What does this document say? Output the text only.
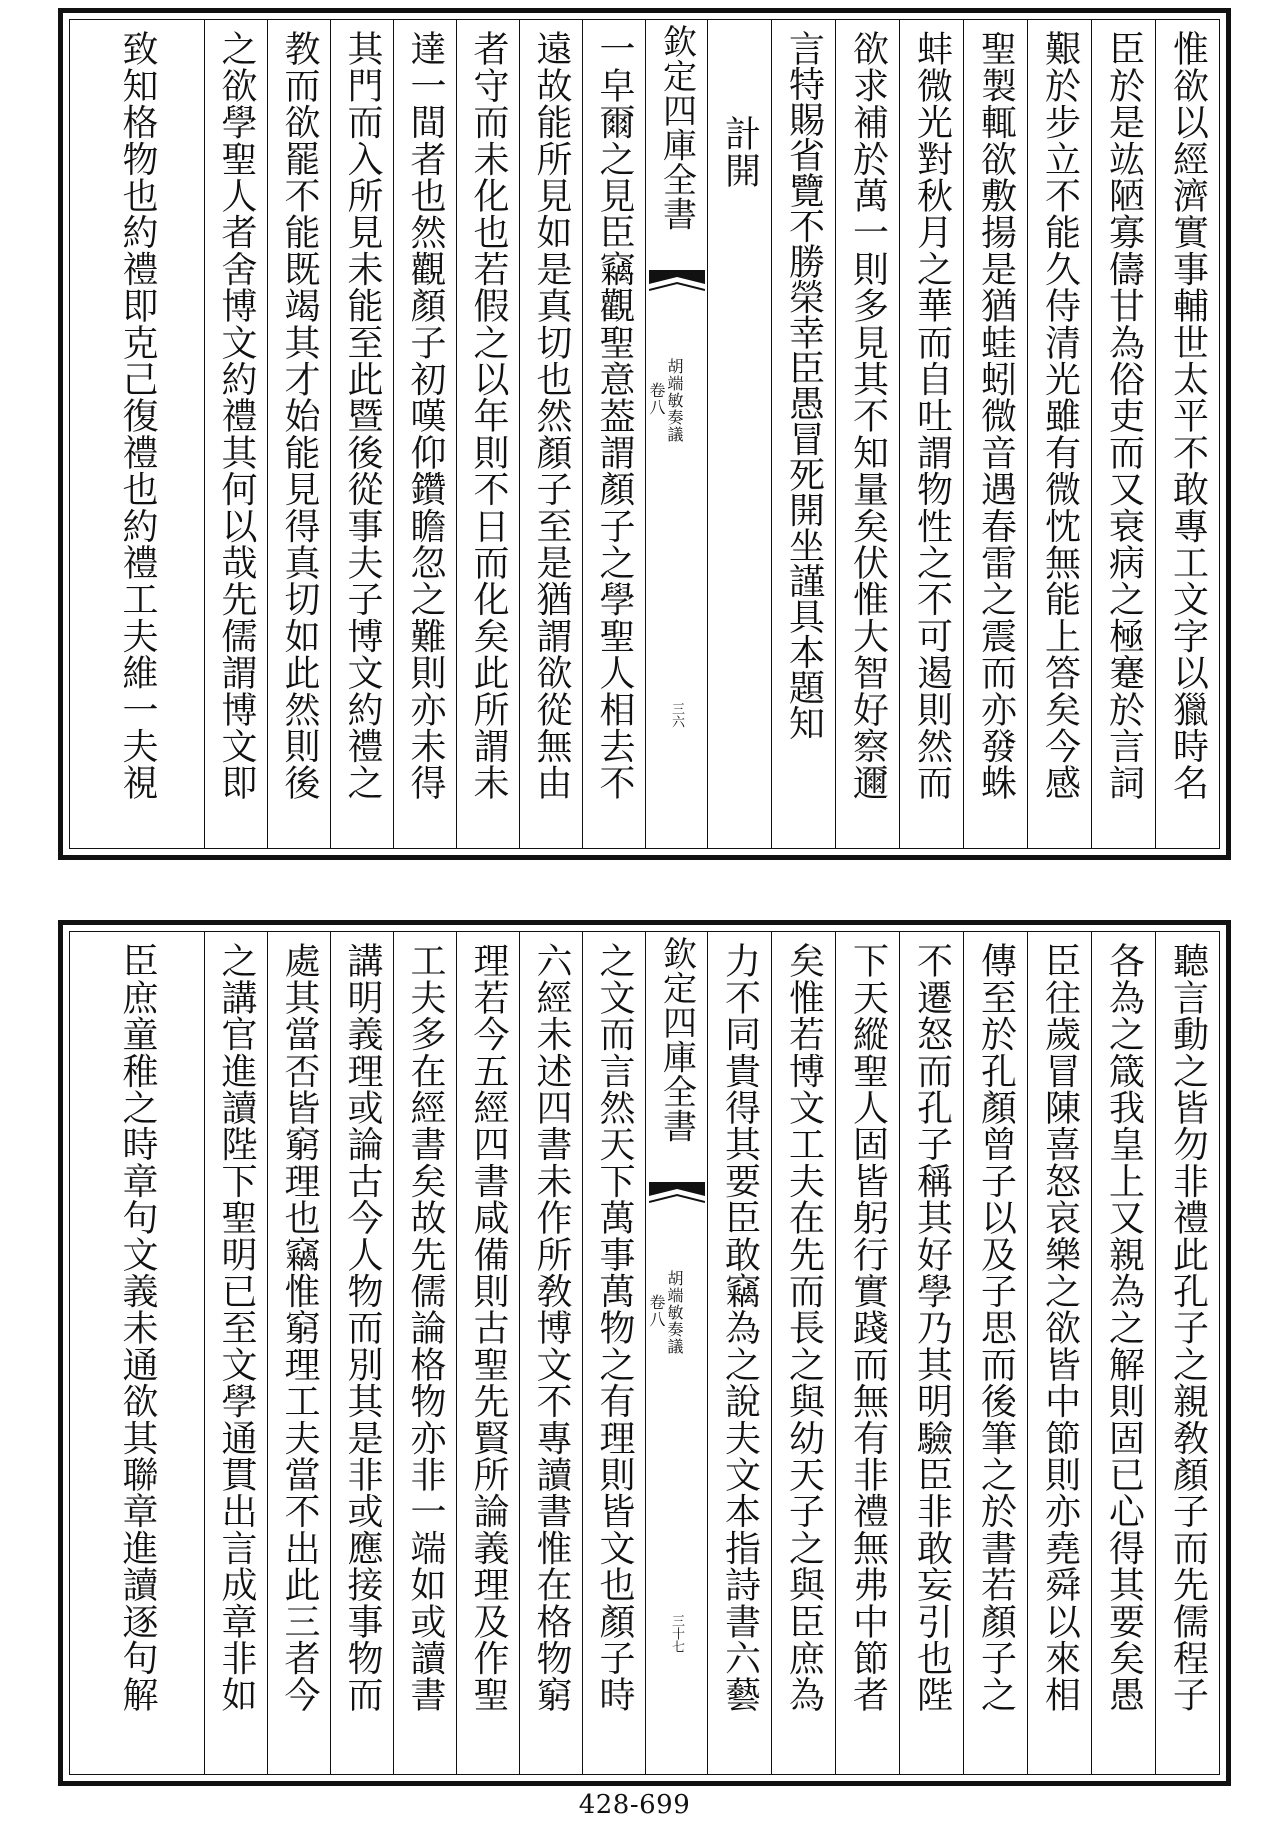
惟欲以經濟實事輔世太平不敢專工文字以獵時名
臣於是竑陋寡儔甘為俗吏而又衰病之極蹇於言詞
艱於步立不能久侍清光雖有微忱無能上答矣今感
聖製輒欲敷揚是猶蛙蚓微音遇春雷之震而亦發蛛
蚌微光對秋月之華而自吐謂物性之不可遏則然而
欲求補於萬一則多見其不知量矣伏惟大智好察邇
言特賜省覽不勝榮幸臣愚冒死開坐謹具本題知
計開
欽定四庫全書
胡端敏奏議
卷八
三六
一皁爾之見臣竊觀聖意葢謂顏子之學聖人相去不
遠故能所見如是真切也然顏子至是猶謂欲從無由
者守而未化也若假之以年則不日而化矣此所謂未
達一間者也然觀顏子初嘆仰鑽瞻忽之難則亦未得
其門而入所見未能至此暨後從事夫子博文約禮之
教而欲罷不能既竭其才始能見得真切如此然則後
之欲學聖人者舍博文約禮其何以哉先儒謂博文即
致知格物也約禮即克己復禮也約禮工夫維一夫視
聽言動之皆勿非禮此孔子之親敎顏子而先儒程子
各為之箴我皇上又親為之解則固已心得其要矣愚
臣往歲冒陳喜怒哀樂之欲皆中節則亦堯舜以來相
傳至於孔顏曾子以及子思而後筆之於書若顏子之
不遷怒而孔子稱其好學乃其明驗臣非敢妄引也陛
下天縱聖人固皆躬行實踐而無有非禮無弗中節者
矣惟若博文工夫在先而長之與幼天子之與臣庶為
力不同貴得其要臣敢竊為之說夫文本指詩書六藝
欽定四庫全書
胡端敏奏議
卷八
三十七
之文而言然天下萬事萬物之有理則皆文也顏子時
六經未述四書未作所敎博文不專讀書惟在格物窮
理若今五經四書咸備則古聖先賢所論義理及作聖
工夫多在經書矣故先儒論格物亦非一端如或讀書
講明義理或論古今人物而別其是非或應接事物而
處其當否皆窮理也竊惟窮理工夫當不出此三者今
之講官進讀陛下聖明已至文學通貫出言成章非如
臣庶童稚之時章句文義未通欲其聯章進讀逐句解
428-699
